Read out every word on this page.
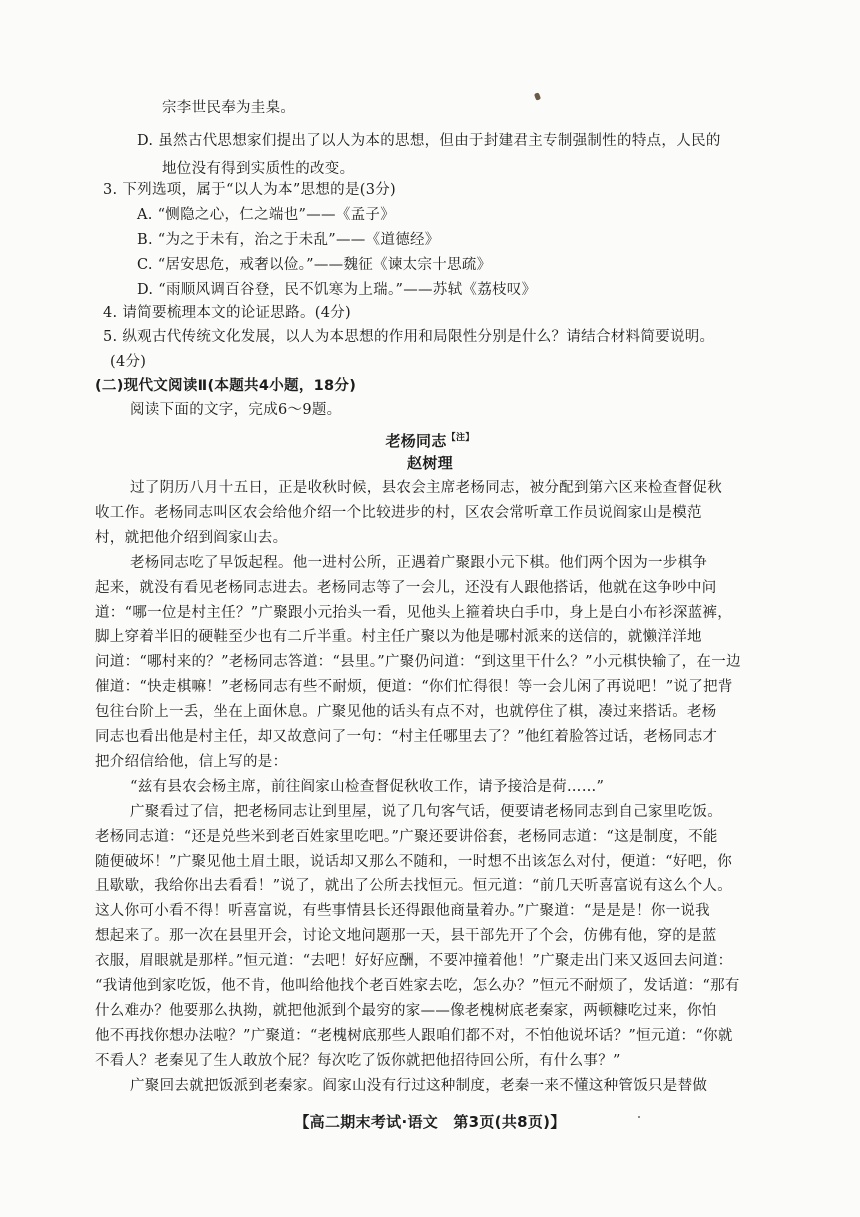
宗李世民奉为圭臬。
D. 虽然古代思想家们提出了以人为本的思想，但由于封建君主专制强制性的特点，人民的
地位没有得到实质性的改变。
3. 下列选项，属于“以人为本”思想的是(3分)
A. “恻隐之心，仁之端也”——《孟子》
B. “为之于未有，治之于未乱”——《道德经》
C. “居安思危，戒奢以俭。”——魏征《谏太宗十思疏》
D. “雨顺风调百谷登，民不饥寒为上瑞。”——苏轼《荔枝叹》
4. 请简要梳理本文的论证思路。(4分)
5. 纵观古代传统文化发展，以人为本思想的作用和局限性分别是什么？请结合材料简要说明。
(4分)
(二)现代文阅读Ⅱ(本题共4小题，18分)
阅读下面的文字，完成6～9题。
老杨同志$^{【注】}$
赵树理
过了阴历八月十五日，正是收秋时候，县农会主席老杨同志，被分配到第六区来检查督促秋
收工作。老杨同志叫区农会给他介绍一个比较进步的村，区农会常听章工作员说阎家山是模范
村，就把他介绍到阎家山去。
老杨同志吃了早饭起程。他一进村公所，正遇着广聚跟小元下棋。他们两个因为一步棋争
起来，就没有看见老杨同志进去。老杨同志等了一会儿，还没有人跟他搭话，他就在这争吵中问
道：“哪一位是村主任？”广聚跟小元抬头一看，见他头上箍着块白手巾，身上是白小布衫深蓝裤，
脚上穿着半旧的硬鞋至少也有二斤半重。村主任广聚以为他是哪村派来的送信的，就懒洋洋地
问道：“哪村来的？”老杨同志答道：“县里。”广聚仍问道：“到这里干什么？”小元棋快输了，在一边
催道：“快走棋嘛！”老杨同志有些不耐烦，便道：“你们忙得很！等一会儿闲了再说吧！”说了把背
包往台阶上一丢，坐在上面休息。广聚见他的话头有点不对，也就停住了棋，凑过来搭话。老杨
同志也看出他是村主任，却又故意问了一句：“村主任哪里去了？”他红着脸答过话，老杨同志才
把介绍信给他，信上写的是：
“兹有县农会杨主席，前往阎家山检查督促秋收工作，请予接洽是荷……”
广聚看过了信，把老杨同志让到里屋，说了几句客气话，便要请老杨同志到自己家里吃饭。
老杨同志道：“还是兑些米到老百姓家里吃吧。”广聚还要讲俗套，老杨同志道：“这是制度，不能
随便破坏！”广聚见他土眉土眼，说话却又那么不随和，一时想不出该怎么对付，便道：“好吧，你
且歇歇，我给你出去看看！”说了，就出了公所去找恒元。恒元道：“前几天听喜富说有这么个人。
这人你可小看不得！听喜富说，有些事情县长还得跟他商量着办。”广聚道：“是是是！你一说我
想起来了。那一次在县里开会，讨论文地问题那一天，县干部先开了个会，仿佛有他，穿的是蓝
衣服，眉眼就是那样。”恒元道：“去吧！好好应酬，不要冲撞着他！”广聚走出门来又返回去问道：
“我请他到家吃饭，他不肯，他叫给他找个老百姓家去吃，怎么办？”恒元不耐烦了，发话道：“那有
什么难办？他要那么执拗，就把他派到个最穷的家——像老槐树底老秦家，两顿糠吃过来，你怕
他不再找你想办法啦？”广聚道：“老槐树底那些人跟咱们都不对，不怕他说坏话？”恒元道：“你就
不看人？老秦见了生人敢放个屁？每次吃了饭你就把他招待回公所，有什么事？”
广聚回去就把饭派到老秦家。阎家山没有行过这种制度，老秦一来不懂这种管饭只是替做
【高二期末考试·语文　第3页(共8页)】
